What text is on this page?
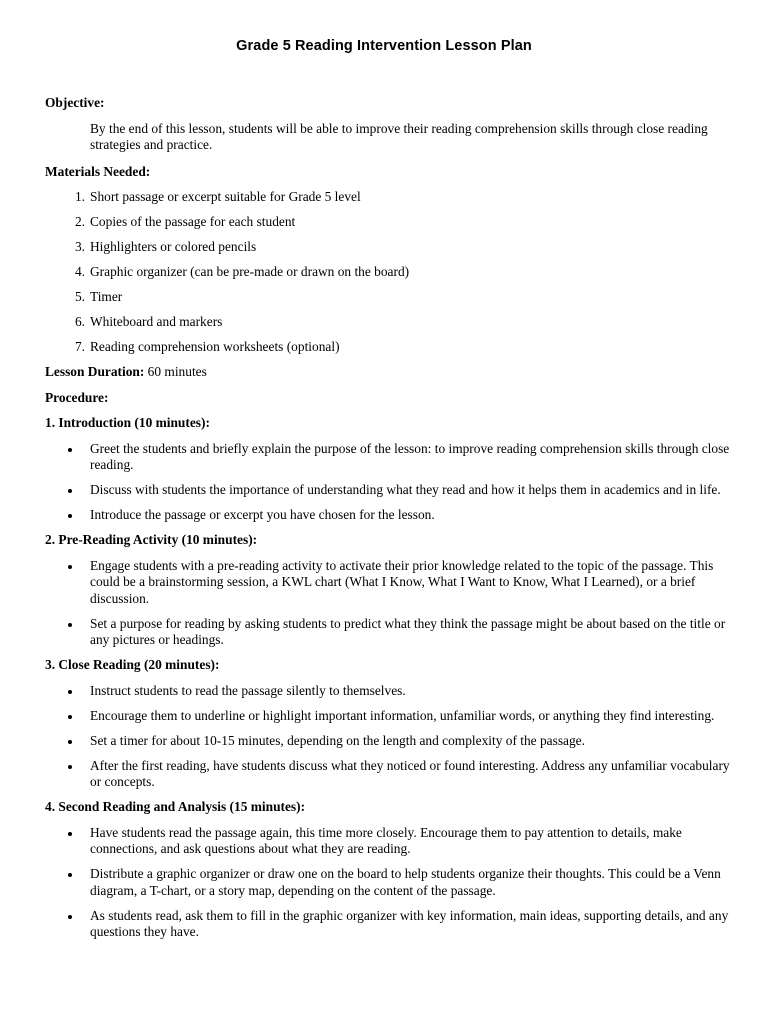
Grade 5 Reading Intervention Lesson Plan
Objective:
By the end of this lesson, students will be able to improve their reading comprehension skills through close reading strategies and practice.
Materials Needed:
1. Short passage or excerpt suitable for Grade 5 level
2. Copies of the passage for each student
3. Highlighters or colored pencils
4. Graphic organizer (can be pre-made or drawn on the board)
5. Timer
6. Whiteboard and markers
7. Reading comprehension worksheets (optional)
Lesson Duration: 60 minutes
Procedure:
1. Introduction (10 minutes):
Greet the students and briefly explain the purpose of the lesson: to improve reading comprehension skills through close reading.
Discuss with students the importance of understanding what they read and how it helps them in academics and in life.
Introduce the passage or excerpt you have chosen for the lesson.
2. Pre-Reading Activity (10 minutes):
Engage students with a pre-reading activity to activate their prior knowledge related to the topic of the passage. This could be a brainstorming session, a KWL chart (What I Know, What I Want to Know, What I Learned), or a brief discussion.
Set a purpose for reading by asking students to predict what they think the passage might be about based on the title or any pictures or headings.
3. Close Reading (20 minutes):
Instruct students to read the passage silently to themselves.
Encourage them to underline or highlight important information, unfamiliar words, or anything they find interesting.
Set a timer for about 10-15 minutes, depending on the length and complexity of the passage.
After the first reading, have students discuss what they noticed or found interesting. Address any unfamiliar vocabulary or concepts.
4. Second Reading and Analysis (15 minutes):
Have students read the passage again, this time more closely. Encourage them to pay attention to details, make connections, and ask questions about what they are reading.
Distribute a graphic organizer or draw one on the board to help students organize their thoughts. This could be a Venn diagram, a T-chart, or a story map, depending on the content of the passage.
As students read, ask them to fill in the graphic organizer with key information, main ideas, supporting details, and any questions they have.
